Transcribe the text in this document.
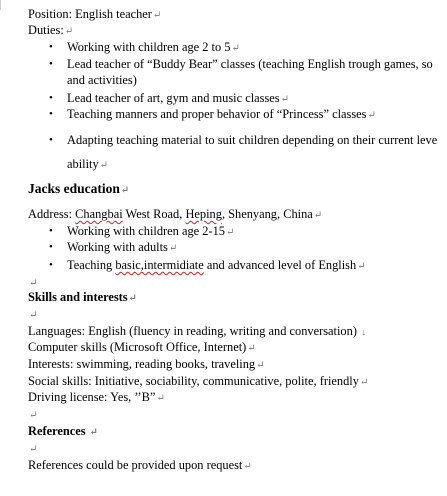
Position: English teacher↵
Duties:↵
• Working with children age 2 to 5↵
• Lead teacher of “Buddy Bear” classes (teaching English trough games, so
and activities)
• Lead teacher of art, gym and music classes↵
• Teaching manners and proper behavior of “Princess” classes↵
• Adapting teaching material to suit children depending on their current leve
ability↵
Jacks education↵
Address: Changbai West Road, Heping, Shenyang, China↵
• Working with children age 2-15↵
• Working with adults↵
• Teaching basic,intermidiate and advanced level of English↵
↵
Skills and interests↵
↵
Languages: English (fluency in reading, writing and conversation) ↓
Computer skills (Microsoft Office, Internet)↵
Interests: swimming, reading books, traveling↵
Social skills: Initiative, sociability, communicative, polite, friendly↵
Driving license: Yes, ’’B”↵
↵
References ↵
↵
References could be provided upon request↵
